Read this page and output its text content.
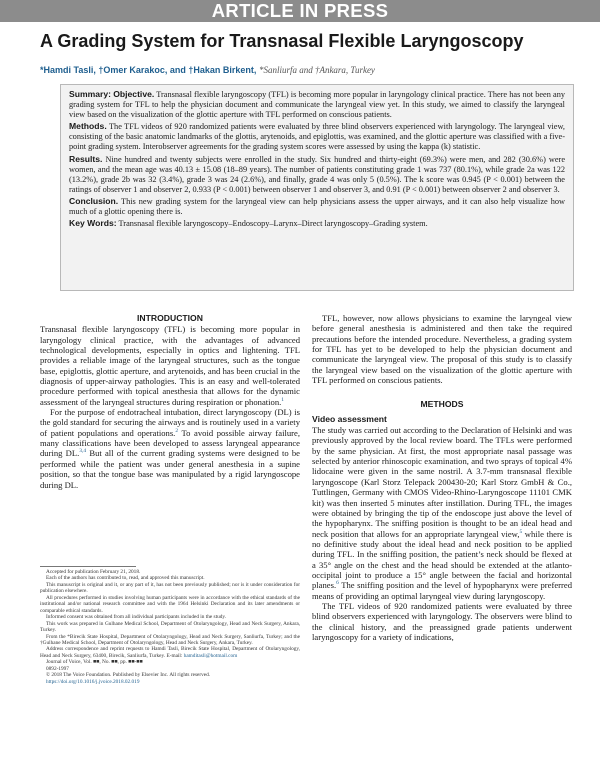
ARTICLE IN PRESS
A Grading System for Transnasal Flexible Laryngoscopy
*Hamdi Tasli, †Omer Karakoc, and †Hakan Birkent, *Sanliurfa and †Ankara, Turkey

Summary: Objective. Transnasal flexible laryngoscopy (TFL) is becoming more popular in laryngology clinical practice. There has not been any grading system for TFL to help the physician document and communicate the laryngeal view yet. In this study, we aimed to classify the laryngeal view based on the visualization of the glottic aperture with TFL performed on conscious patients.

Methods. The TFL videos of 920 randomized patients were evaluated by three blind observers experienced with laryngology. The laryngeal view, consisting of the basic anatomic landmarks of the glottis, arytenoids, and epiglottis, was examined, and the glottic aperture was classified with a five-point grading system. Interobserver agreements for the grading system scores were assessed by using the kappa (k) statistic.

Results. Nine hundred and twenty subjects were enrolled in the study. Six hundred and thirty-eight (69.3%) were men, and 282 (30.6%) were women, and the mean age was 40.13 ± 15.08 (18–89 years). The number of patients constituting grade 1 was 737 (80.1%), while grade 2a was 122 (13.2%), grade 2b was 32 (3.4%), grade 3 was 24 (2.6%), and finally, grade 4 was only 5 (0.5%). The k score was 0.945 (P < 0.001) between the ratings of observer 1 and observer 2, 0.933 (P < 0.001) between observer 1 and observer 3, and 0.91 (P < 0.001) between observer 2 and observer 3.

Conclusion. This new grading system for the laryngeal view can help physicians assess the upper airways, and it can also help visualize how much of a glottic opening there is.

Key Words: Transnasal flexible laryngoscopy–Endoscopy–Larynx–Direct laryngoscopy–Grading system.

INTRODUCTION

Transnasal flexible laryngoscopy (TFL) is becoming more popular in laryngology clinical practice, with the advantages of advanced technological developments, especially in optics and lightening. TFL provides a reliable image of the laryngeal structures, such as the tongue base, epiglottis, glottic aperture, and arytenoids, and has been crucial in the diagnosis of upper-airway pathologies. This is an easy and well-tolerated procedure performed with topical anesthesia that allows for the dynamic assessment of the laryngeal structures during respiration or phonation.$^1$

For the purpose of endotracheal intubation, direct laryngoscopy (DL) is the gold standard for securing the airways and is routinely used in a variety of patient populations and operations.$^2$ To avoid possible airway failure, many classifications have been developed to assess laryngeal appearance during DL.$^{3,4}$ But all of the current grading systems were designed to be performed while the patient was under general anesthesia in a supine position, so that the tongue base was manipulated by a rigid laryngoscope during DL.

Accepted for publication February 21, 2018.

Each of the authors has contributed to, read, and approved this manuscript.

This manuscript is original and it, or any part of it, has not been previously published; nor is it under consideration for publication elsewhere.

All procedures performed in studies involving human participants were in accordance with the ethical standards of the institutional and/or national research committee and with the 1964 Helsinki Declaration and its later amendments or comparable ethical standards.

Informed consent was obtained from all individual participants included in the study.

This work was prepared in Gulhane Medical School, Department of Otolaryngology, Head and Neck Surgery, Ankara, Turkey.

From the *Birecik State Hospital, Department of Otolaryngology, Head and Neck Surgery, Sanliurfa, Turkey; and the †Gulhane Medical School, Department of Otolaryngology, Head and Neck Surgery, Ankara, Turkey.

Address correspondence and reprint requests to Hamdi Tasli, Birecik State Hospital, Department of Otolaryngology, Head and Neck Surgery, 63400, Birecik, Sanliurfa, Turkey. E-mail: hamditasli@hotmail.com

Journal of Voice, Vol. ■■, No. ■■, pp. ■■-■■

0892-1997

© 2018 The Voice Foundation. Published by Elsevier Inc. All rights reserved.

https://doi.org/10.1016/j.jvoice.2018.02.019

TFL, however, now allows physicians to examine the laryngeal view before general anesthesia is administered and then take the required precautions before the intended procedure. Nevertheless, a grading system for TFL has yet to be developed to help the physician document and communicate the laryngeal view. The proposal of this study is to classify the laryngeal view based on the visualization of the glottic aperture with TFL performed on conscious patients.

METHODS
Video assessment

The study was carried out according to the Declaration of Helsinki and was previously approved by the local review board. The TFLs were performed by the same physician. At first, the most appropriate nasal passage was selected by anterior rhinoscopic examination, and two sprays of topical 4% lidocaine were given in the same nostril. A 3.7-mm transnasal flexible laryngoscope (Karl Storz Telepack 200430-20; Karl Storz GmbH & Co., Tuttlingen, Germany with CMOS Video-Rhino-Laryngoscope 11101 CMK kit) was then inserted 5 minutes after instillation. During TFL, the images were obtained by bringing the tip of the endoscope just above the level of the hypopharynx. The sniffing position is thought to be an ideal head and neck position that allows for an appropriate laryngeal view,$^5$ while there is no definitive study about the ideal head and neck position to be applied during TFL. In the sniffing position, the patient’s neck should be flexed at a 35° angle on the chest and the head should be extended at the atlanto-occipital joint to produce a 15° angle between the facial and horizontal planes.$^6$ The sniffing position and the level of hypopharynx were preferred means of providing an optimal laryngeal view during laryngoscopy.

The TFL videos of 920 randomized patients were evaluated by three blind observers experienced with laryngology. The observers were blind to the clinical history, and the preassigned grade patients underwent laryngoscopy for a variety of indications,
